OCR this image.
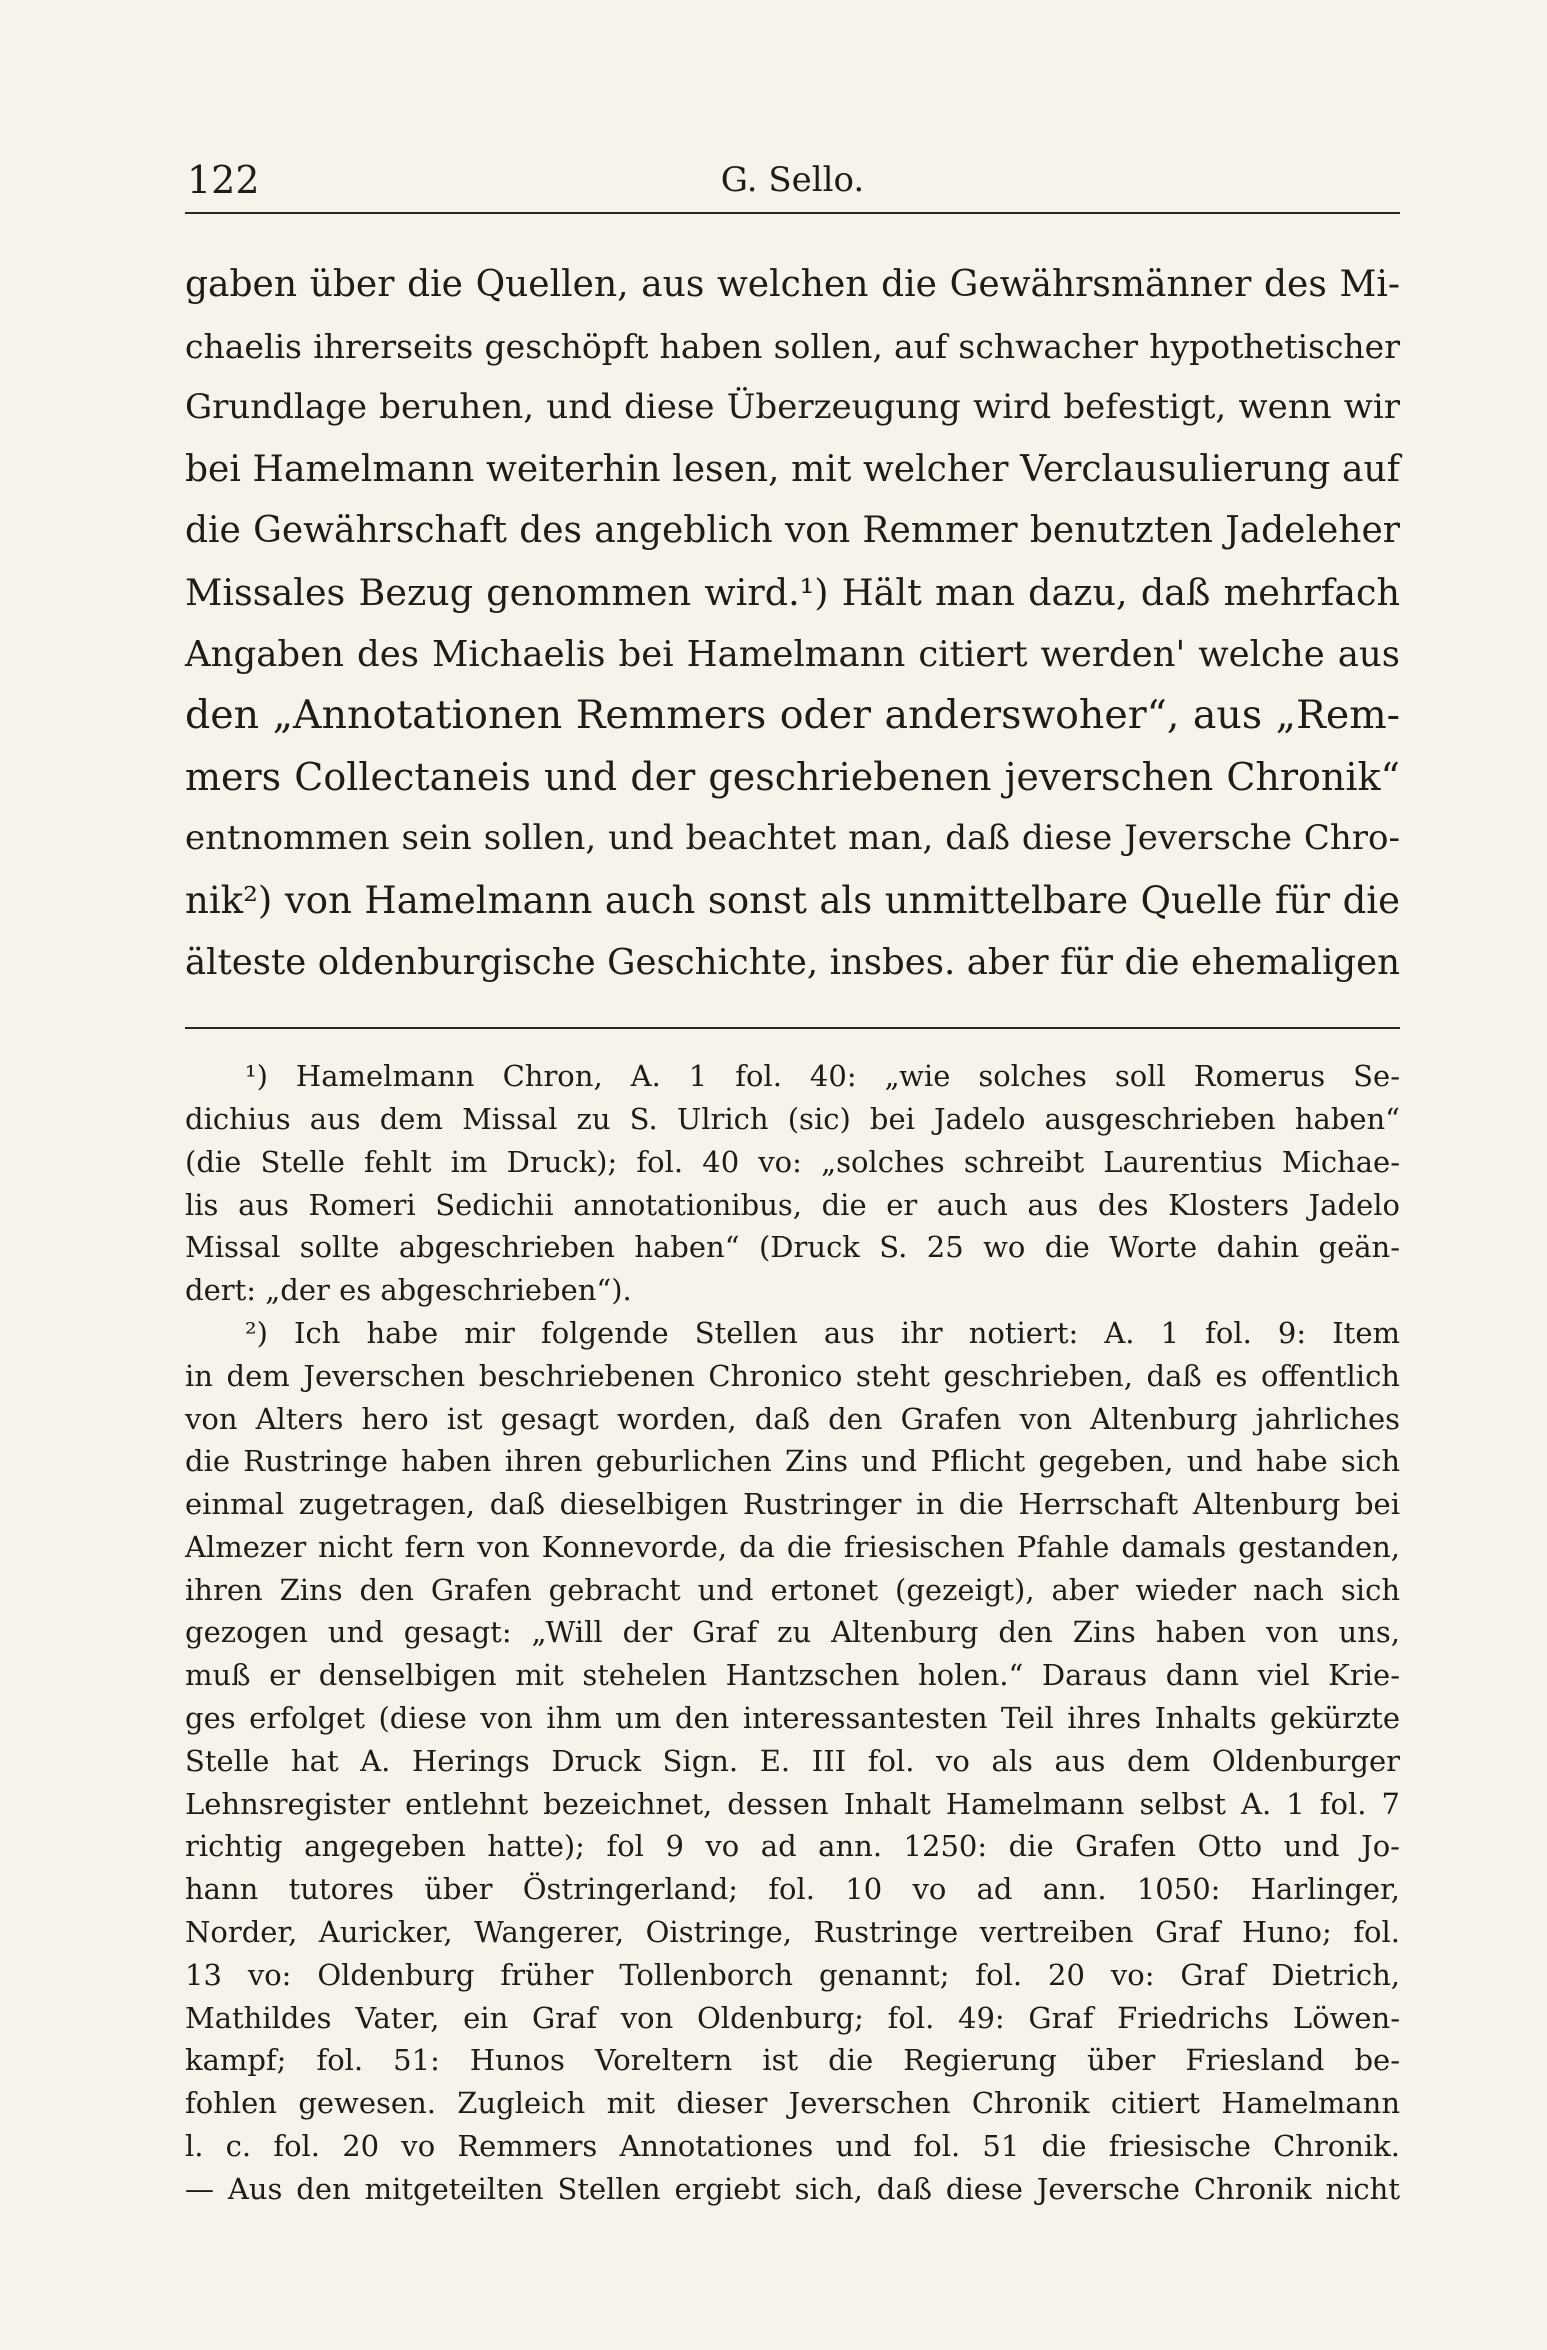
122	G. Sello.
gaben über die Quellen, aus welchen die Gewährsmänner des Mi-
chaelis ihrerseits geschöpft haben sollen, auf schwacher hypothetischer
Grundlage beruhen, und diese Überzeugung wird befestigt, wenn wir
bei Hamelmann weiterhin lesen, mit welcher Verclausulierung auf
die Gewährschaft des angeblich von Remmer benutzten Jadeleher
Missales Bezug genommen wird.¹) Hält man dazu, daß mehrfach
Angaben des Michaelis bei Hamelmann citiert werden' welche aus
den „Annotationen Remmers oder anderswoher“, aus „Rem-
mers Collectaneis und der geschriebenen jeverschen Chronik“
entnommen sein sollen, und beachtet man, daß diese Jeversche Chro-
nik²) von Hamelmann auch sonst als unmittelbare Quelle für die
älteste oldenburgische Geschichte, insbes. aber für die ehemaligen
¹) Hamelmann Chron, A. 1 fol. 40: „wie solches soll Romerus Se-
dichius aus dem Missal zu S. Ulrich (sic) bei Jadelo ausgeschrieben haben“
(die Stelle fehlt im Druck); fol. 40 vo: „solches schreibt Laurentius Michae-
lis aus Romeri Sedichii annotationibus, die er auch aus des Klosters Jadelo
Missal sollte abgeschrieben haben“ (Druck S. 25 wo die Worte dahin geän-
dert: „der es abgeschrieben“).
²) Ich habe mir folgende Stellen aus ihr notiert: A. 1 fol. 9: Item
in dem Jeverschen beschriebenen Chronico steht geschrieben, daß es offentlich
von Alters hero ist gesagt worden, daß den Grafen von Altenburg jahrliches
die Rustringe haben ihren geburlichen Zins und Pflicht gegeben, und habe sich
einmal zugetragen, daß dieselbigen Rustringer in die Herrschaft Altenburg bei
Almezer nicht fern von Konnevorde, da die friesischen Pfahle damals gestanden,
ihren Zins den Grafen gebracht und ertonet (gezeigt), aber wieder nach sich
gezogen und gesagt: „Will der Graf zu Altenburg den Zins haben von uns,
muß er denselbigen mit stehelen Hantzschen holen.“ Daraus dann viel Krie-
ges erfolget (diese von ihm um den interessantesten Teil ihres Inhalts gekürzte
Stelle hat A. Herings Druck Sign. E. III fol. vo als aus dem Oldenburger
Lehnsregister entlehnt bezeichnet, dessen Inhalt Hamelmann selbst A. 1 fol. 7
richtig angegeben hatte); fol 9 vo ad ann. 1250: die Grafen Otto und Jo-
hann tutores über Östringerland; fol. 10 vo ad ann. 1050: Harlinger,
Norder, Auricker, Wangerer, Oistringe, Rustringe vertreiben Graf Huno; fol.
13 vo: Oldenburg früher Tollenborch genannt; fol. 20 vo: Graf Dietrich,
Mathildes Vater, ein Graf von Oldenburg; fol. 49: Graf Friedrichs Löwen-
kampf; fol. 51: Hunos Voreltern ist die Regierung über Friesland be-
fohlen gewesen. Zugleich mit dieser Jeverschen Chronik citiert Hamelmann
l. c. fol. 20 vo Remmers Annotationes und fol. 51 die friesische Chronik.
— Aus den mitgeteilten Stellen ergiebt sich, daß diese Jeversche Chronik nicht
